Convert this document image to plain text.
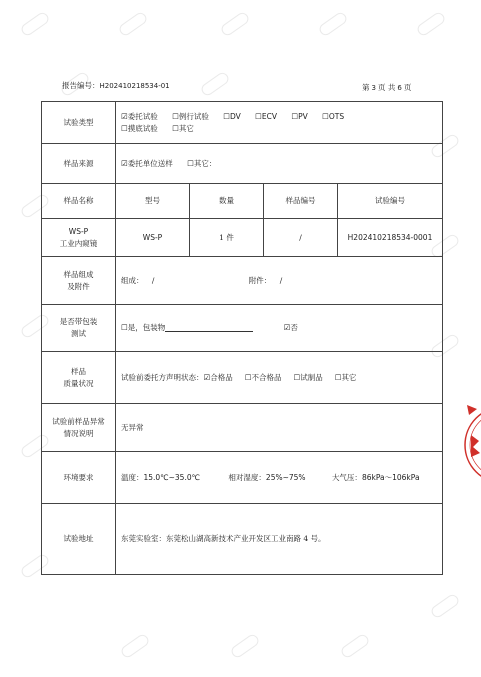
报告编号：H202410218534-01	第 3 页 共 6 页
试验类型	☑委托试验 ☐例行试验 ☐DV ☐ECV ☐PV ☐OTS
☐摸底试验 ☐其它			

样品来源	☑委托单位送样 ☐其它：			
样品名称	型号	数量	样品编号	试验编号

WS-P
工业内窥镜	WS-P	1 件	/	H202410218534-0001

样品组成
及附件	组成： / 附件： /			

是否带包装
测试	☐是，包装物 ☑否			

样品
质量状况	试验前委托方声明状态：☑合格品 ☐不合格品 ☐试制品 ☐其它			

试验前样品异常
情况说明	无异常			
环境要求	温度：15.0℃~35.0℃ 相对湿度：25%~75% 大气压：86kPa～106kPa			
试验地址	东莞实验室：东莞松山湖高新技术产业开发区工业南路 4 号。			
